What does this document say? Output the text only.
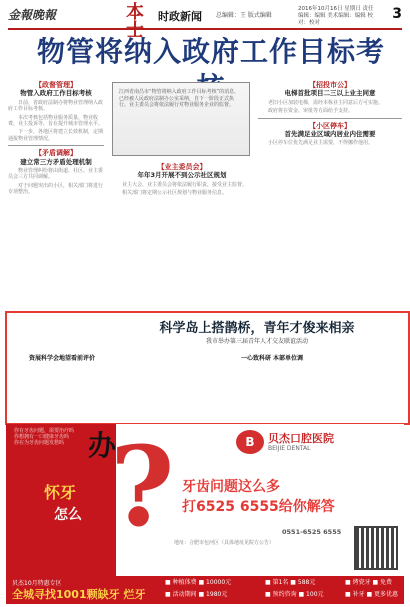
金報晚報	本士
时政新闻 总编辑：王 版式编辑
2016年10月16日 星期日 责任编辑：编辑 美术编辑：编辑 校对：校对
3
物管将纳入政府工作目标考
【政督管理】
物管入政府工作目标考核

日前，省政府法制办将物业管理纳入政府工作目标考核。

本次考核包括物业服务质量、物业收费、业主投诉等，旨在提升城市管理水平。

下一步，各地区将建立长效机制，定期通报物业管理情况。

【矛盾调解】
建立常三方矛盾处理机制

物业管理纠纷将由街道、社区、业主委员会三方共同调解。

对于问题突出的小区，相关部门将进行专项整治。

江西省南昌市“物管将纳入政府工作目标考核”的消息，已经被人民政府法制办公室采纳，自下一阶段正式执行。业主委员会将依法履行对物业服务企业的监督。
【业主委员会】
年年3月开展不到公示社区规划

业主大会、业主委员会将依法履行职责，接受业主监督。

相关部门将定期公示社区规划与物业服务信息。

【招投市公】
电梯首批项目二三以上业主同意

老旧小区加装电梯，需经本栋业主同意后方可实施。

政府将在资金、审批等方面给予支持。

【小区停车】
首先满足业区域内居业内住需要

小区停车位优先满足业主需要，不得挪作他用。

科学岛上搭鹊桥，青年才俊来相亲
我市举办第三届青年人才交友联谊活动
资展科学会地望看前评价	一心致科研 本部单位调
你有牙齿问题，需要治疗吗
你想拥有一口健康牙齿吗
你在为牙齿问题发愁吗
怀牙
怎么
办
?	B	贝杰口腔医院
BEIJIE DENTAL
牙齿问题这么多
打6525 6555给你解答
0551-6525 6555
地址：合肥市包河区（具体地址见院方公告）
贝杰10月特惠专区
全城寻找1001颗缺牙 烂牙
■ 种植体费 ■ 10000元
■ 活动期间 ■ 1980元
■ 第1名 ■ 588元
■ 预约咨询 ■ 100元
■ 烤瓷牙 ■ 免费
■ 补牙 ■ 更多优惠
